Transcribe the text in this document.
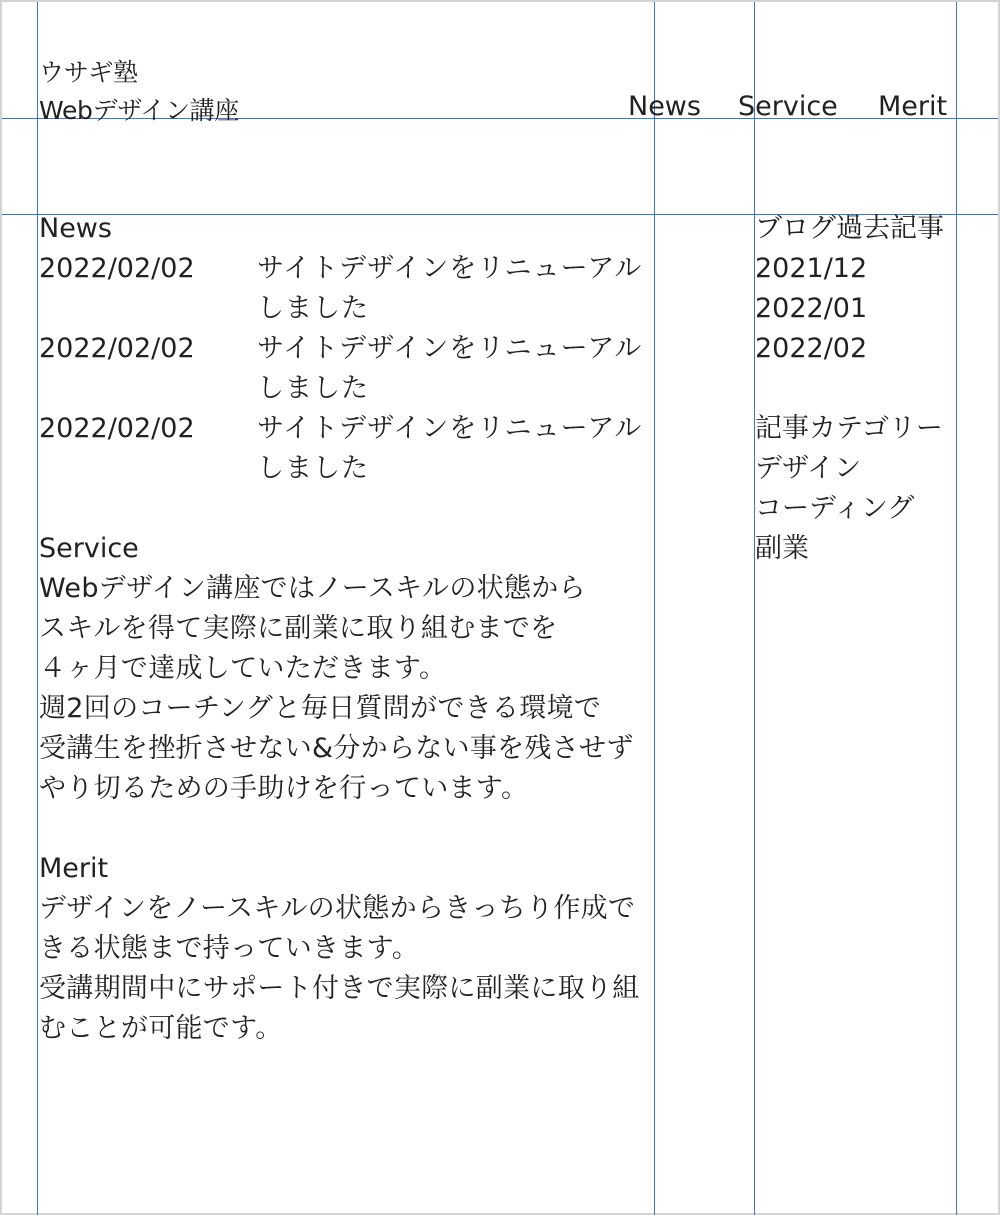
ウサギ塾
Webデザイン講座	News Service Merit
News
2022/02/02	サイトデザインをリニューアルしました
2022/02/02	サイトデザインをリニューアルしました
2022/02/02	サイトデザインをリニューアルしました
Service
Webデザイン講座ではノースキルの状態から
スキルを得て実際に副業に取り組むまでを
４ヶ月で達成していただきます。
週2回のコーチングと毎日質問ができる環境で
受講生を挫折させない&分からない事を残させず
やり切るための手助けを行っています。
Merit
デザインをノースキルの状態からきっちり作成で
きる状態まで持っていきます。
受講期間中にサポート付きで実際に副業に取り組
むことが可能です。
ブログ過去記事
2021/12
2022/01
2022/02
記事カテゴリー
デザイン
コーディング
副業
